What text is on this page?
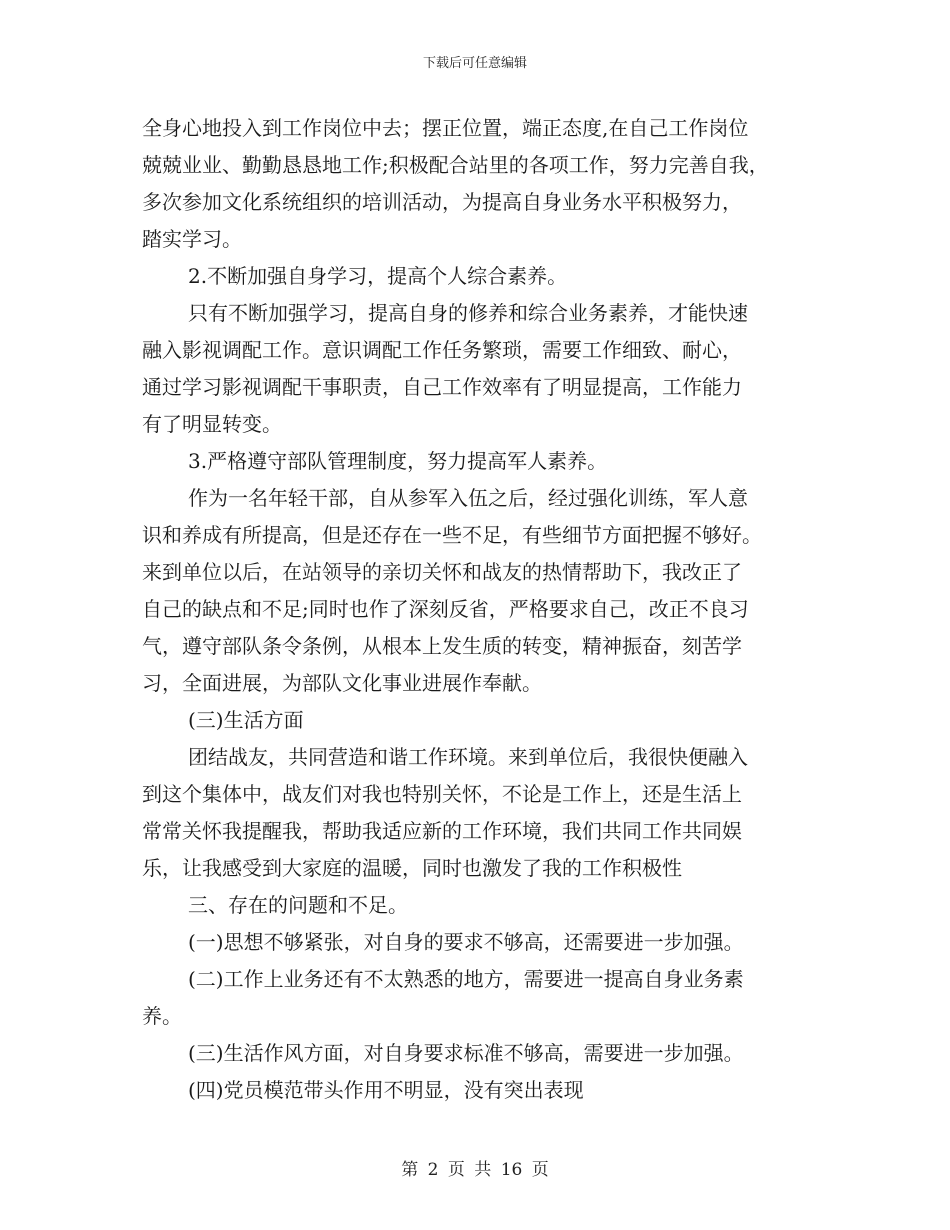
下载后可任意编辑

全身心地投入到工作岗位中去；摆正位置，端正态度,在自己工作岗位

兢兢业业、勤勤恳恳地工作;积极配合站里的各项工作，努力完善自我，

多次参加文化系统组织的培训活动，为提高自身业务水平积极努力，

踏实学习。

2.不断加强自身学习，提高个人综合素养。

只有不断加强学习，提高自身的修养和综合业务素养，才能快速

融入影视调配工作。意识调配工作任务繁琐，需要工作细致、耐心，

通过学习影视调配干事职责，自己工作效率有了明显提高，工作能力

有了明显转变。

3.严格遵守部队管理制度，努力提高军人素养。

作为一名年轻干部，自从参军入伍之后，经过强化训练，军人意

识和养成有所提高，但是还存在一些不足，有些细节方面把握不够好。

来到单位以后，在站领导的亲切关怀和战友的热情帮助下，我改正了

自己的缺点和不足;同时也作了深刻反省，严格要求自己，改正不良习

气，遵守部队条令条例，从根本上发生质的转变，精神振奋，刻苦学

习，全面进展，为部队文化事业进展作奉献。

(三)生活方面

团结战友，共同营造和谐工作环境。来到单位后，我很快便融入

到这个集体中，战友们对我也特别关怀，不论是工作上，还是生活上

常常关怀我提醒我，帮助我适应新的工作环境，我们共同工作共同娱

乐，让我感受到大家庭的温暖，同时也激发了我的工作积极性

三、存在的问题和不足。

(一)思想不够紧张，对自身的要求不够高，还需要进一步加强。

(二)工作上业务还有不太熟悉的地方，需要进一提高自身业务素

养。

(三)生活作风方面，对自身要求标准不够高，需要进一步加强。

(四)党员模范带头作用不明显，没有突出表现

第 2 页 共 16 页
